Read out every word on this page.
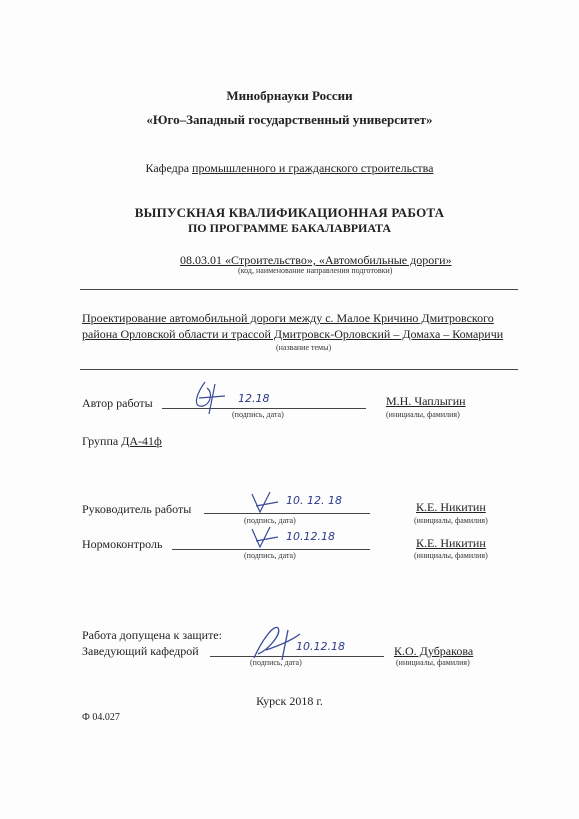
Минобрнауки России
«Юго–Западный государственный университет»
Кафедра промышленного и гражданского строительства
ВЫПУСКНАЯ КВАЛИФИКАЦИОННАЯ РАБОТА
ПО ПРОГРАММЕ БАКАЛАВРИАТА
08.03.01 «Строительство», «Автомобильные дороги»
(код, наименование направления подготовки)
Проектирование автомобильной дороги между с. Малое Кричино Дмитровского
района Орловской области и трассой Дмитровск-Орловский – Домаха – Комаричи
(название темы)
Автор работы	12.18
(подпись, дата)
М.Н. Чаплыгин
(инициалы, фамилия)
Группа ДА-41ф
Руководитель работы
10. 12. 18
(подпись, дата)
К.Е. Никитин
(инициалы, фамилия)
Нормоконтроль
10.12.18
(подпись, дата)
К.Е. Никитин
(инициалы, фамилия)
Работа допущена к защите:
Заведующий кафедрой	10.12.18
(подпись, дата)
К.О. Дубракова
(инициалы, фамилия)
Курск 2018 г.
Ф 04.027
